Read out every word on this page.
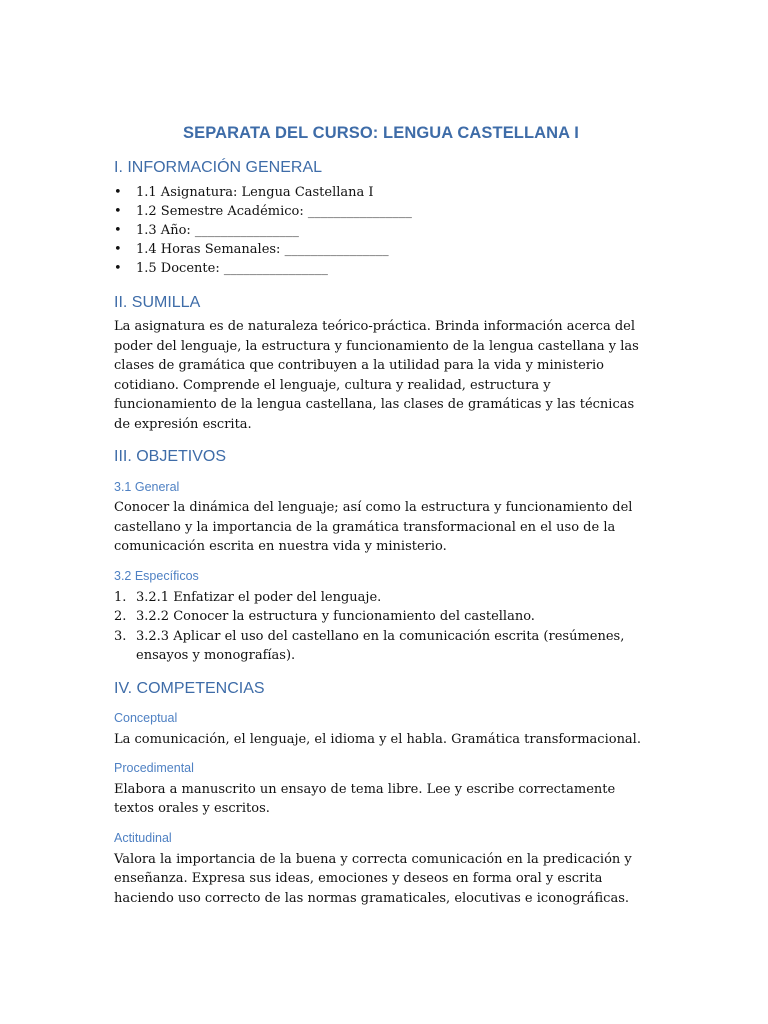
SEPARATA DEL CURSO: LENGUA CASTELLANA I
I. INFORMACIÓN GENERAL
• 1.1 Asignatura: Lengua Castellana I
• 1.2 Semestre Académico: ________________
• 1.3 Año: ________________
• 1.4 Horas Semanales: ________________
• 1.5 Docente: ________________
II. SUMILLA

La asignatura es de naturaleza teórico-práctica. Brinda información acerca del poder del lenguaje, la estructura y funcionamiento de la lengua castellana y las clases de gramática que contribuyen a la utilidad para la vida y ministerio cotidiano. Comprende el lenguaje, cultura y realidad, estructura y funcionamiento de la lengua castellana, las clases de gramáticas y las técnicas de expresión escrita.

III. OBJETIVOS
3.1 General

Conocer la dinámica del lenguaje; así como la estructura y funcionamiento del castellano y la importancia de la gramática transformacional en el uso de la comunicación escrita en nuestra vida y ministerio.

3.2 Específicos
1. 3.2.1 Enfatizar el poder del lenguaje.
2. 3.2.2 Conocer la estructura y funcionamiento del castellano.
3. 3.2.3 Aplicar el uso del castellano en la comunicación escrita (resúmenes, ensayos y monografías).
IV. COMPETENCIAS
Conceptual

La comunicación, el lenguaje, el idioma y el habla. Gramática transformacional.

Procedimental

Elabora a manuscrito un ensayo de tema libre. Lee y escribe correctamente textos orales y escritos.

Actitudinal

Valora la importancia de la buena y correcta comunicación en la predicación y enseñanza. Expresa sus ideas, emociones y deseos en forma oral y escrita haciendo uso correcto de las normas gramaticales, elocutivas e iconográficas.
